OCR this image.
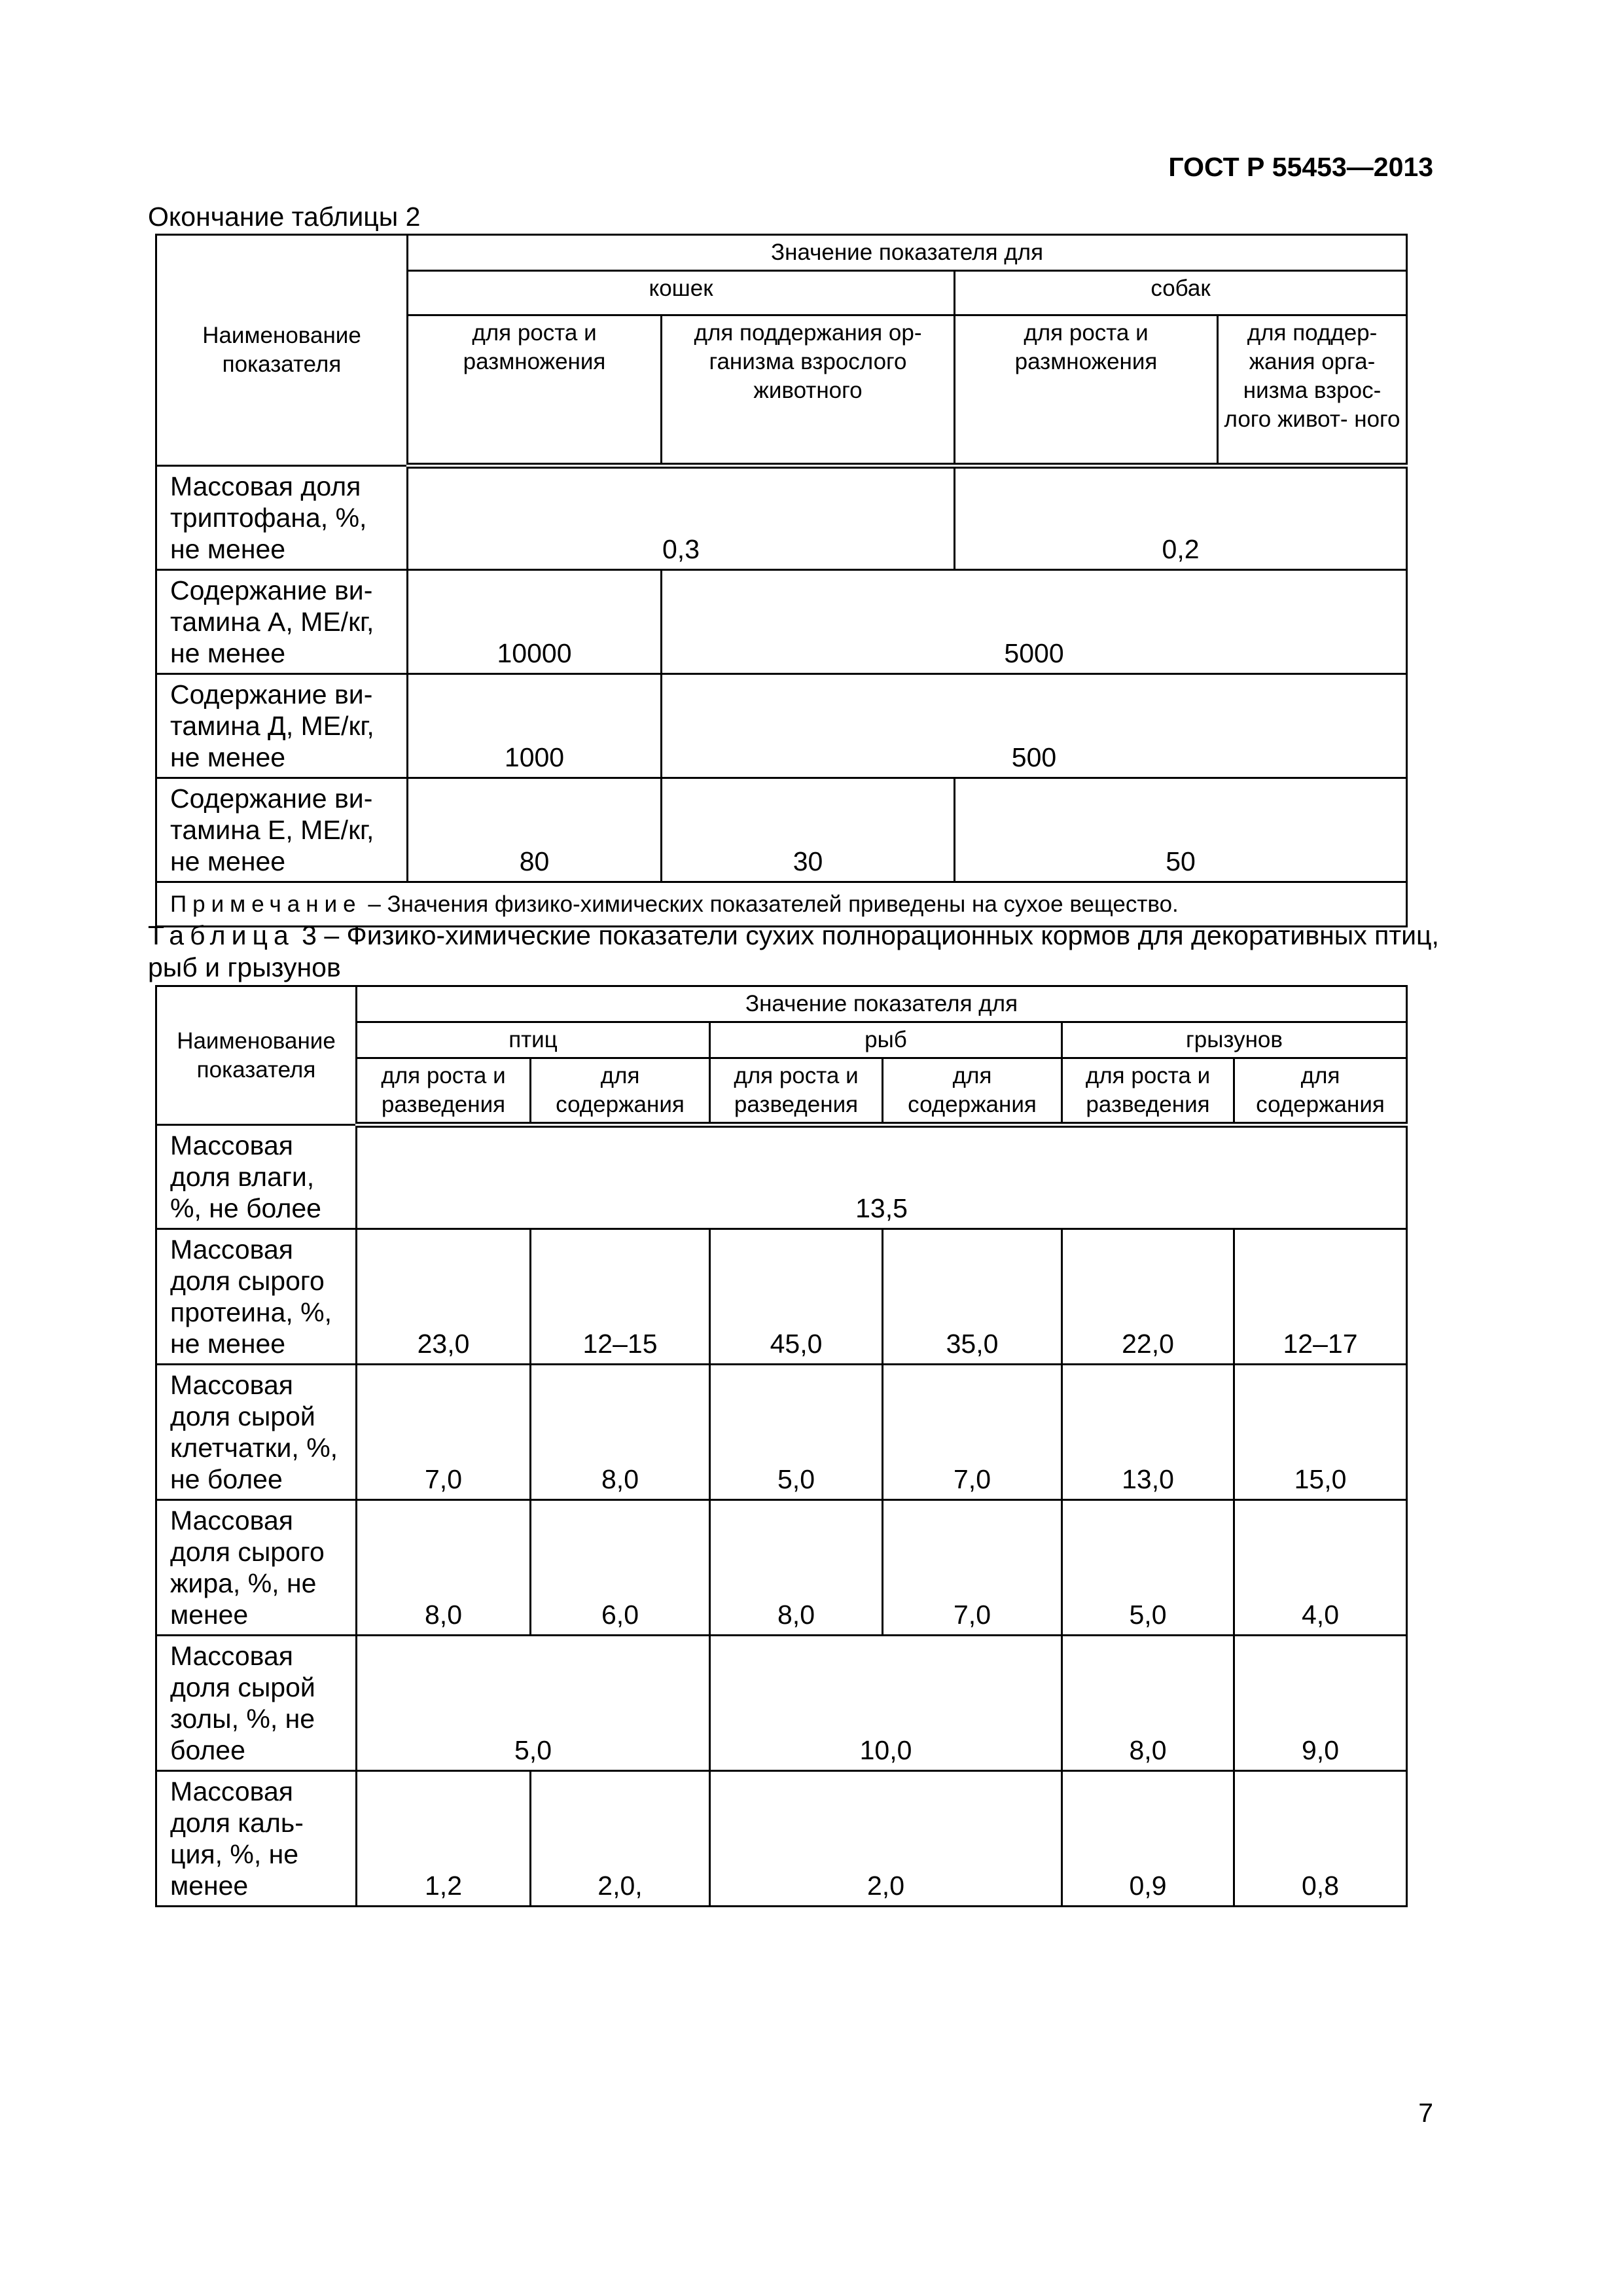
ГОСТ Р 55453—2013

Окончание таблицы 2

Наименование показателя	Значение показателя для			
	кошек		собак	
	для роста и размножения	для поддержания ор- ганизма взрослого животного	для роста и размножения	для поддер- жания орга- низма взрос- лого живот- ного
Массовая доля триптофана, %, не менее	0,3		0,2	
Содержание ви- тамина А, МЕ/кг, не менее	10000	5000		
Содержание ви- тамина Д, МЕ/кг, не менее	1000	500		
Содержание ви- тамина Е, МЕ/кг, не менее	80	30	50	
Примечание – Значения физико-химических показателей приведены на сухое вещество.				

Таблица 3 – Физико-химические показатели сухих полнорационных кормов для декоративных птиц, рыб и грызунов

Наименование показателя	Значение показателя для					
	птиц		рыб		грызунов	
	для роста и разведения	для содержания	для роста и разведения	для содержания	для роста и разведения	для содержания
Массовая доля влаги, %, не более	13,5					
Массовая доля сырого протеина, %, не менее	23,0	12–15	45,0	35,0	22,0	12–17
Массовая доля сырой клетчатки, %, не более	7,0	8,0	5,0	7,0	13,0	15,0
Массовая доля сырого жира, %, не менее	8,0	6,0	8,0	7,0	5,0	4,0
Массовая доля сырой золы, %, не более	5,0		10,0		8,0	9,0
Массовая доля каль- ция, %, не менее	1,2	2,0,	2,0		0,9	0,8

7
